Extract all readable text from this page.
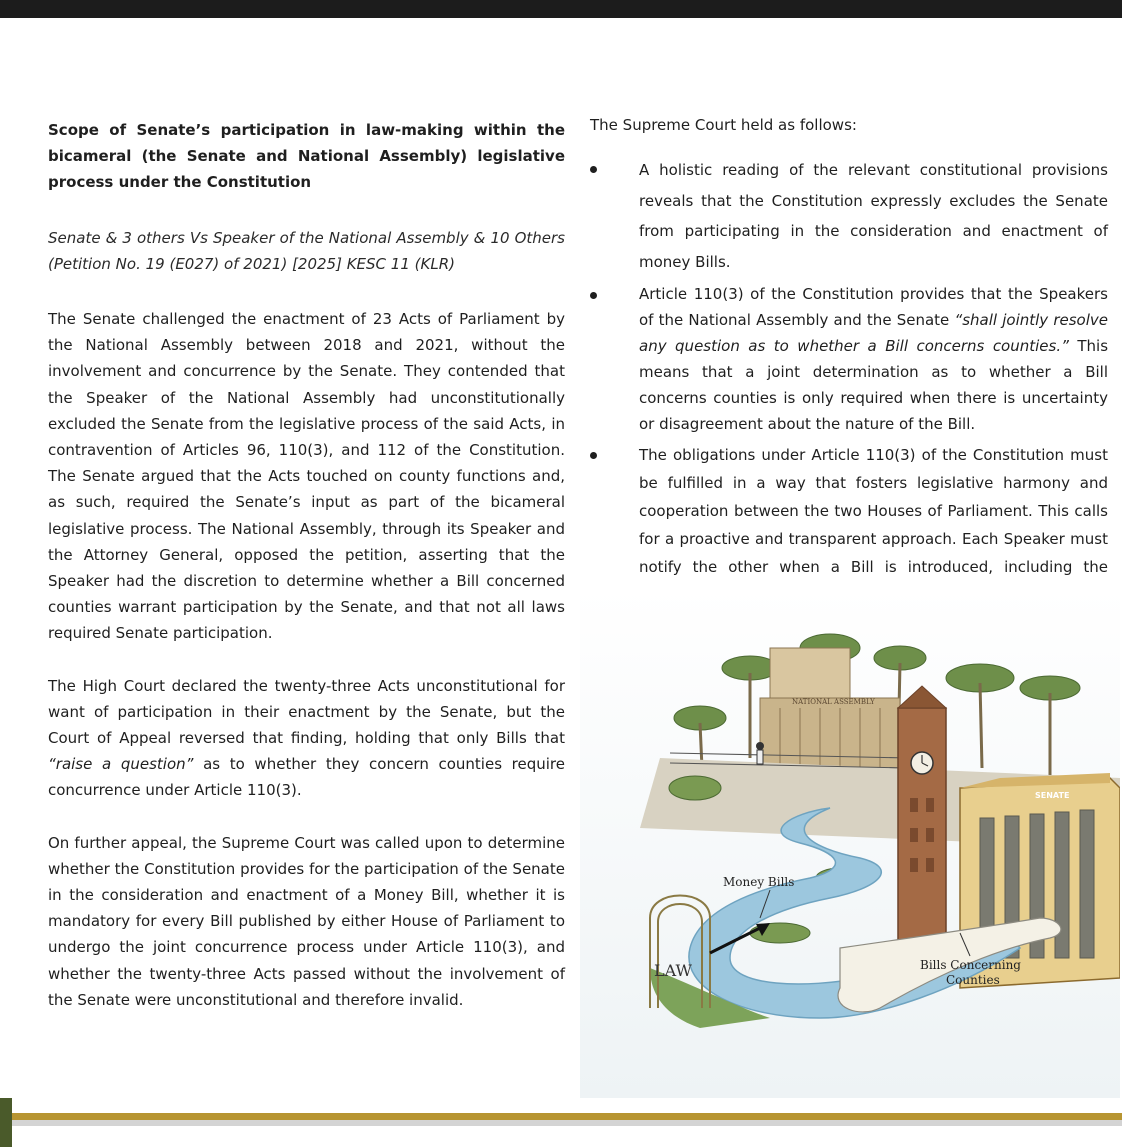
Scope of Senate’s participation in law-making within the bicameral (the Senate and National Assembly) legislative process under the Constitution

Senate & 3 others Vs Speaker of the National Assembly & 10 Others (Petition No. 19 (E027) of 2021) [2025] KESC 11 (KLR)

The Senate challenged the enactment of 23 Acts of Parliament by the National Assembly between 2018 and 2021, without the involvement and concurrence by the Senate. They contended that the Speaker of the National Assembly had unconstitutionally excluded the Senate from the legislative process of the said Acts, in contravention of Articles 96, 110(3), and 112 of the Constitution. The Senate argued that the Acts touched on county functions and, as such, required the Senate’s input as part of the bicameral legislative process. The National Assembly, through its Speaker and the Attorney General, opposed the petition, asserting that the Speaker had the discretion to determine whether a Bill concerned counties warrant participation by the Senate, and that not all laws required Senate participation.

The High Court declared the twenty-three Acts unconstitutional for want of participation in their enactment by the Senate, but the Court of Appeal reversed that finding, holding that only Bills that “raise a question” as to whether they concern counties require concurrence under Article 110(3).

On further appeal, the Supreme Court was called upon to determine whether the Constitution provides for the participation of the Senate in the consideration and enactment of a Money Bill, whether it is mandatory for every Bill published by either House of Parliament to undergo the joint concurrence process under Article 110(3), and whether the twenty-three Acts passed without the involvement of the Senate were unconstitutional and therefore invalid.

The Supreme Court held as follows:

A holistic reading of the relevant constitutional provisions reveals that the Constitution expressly excludes the Senate from participating in the consideration and enactment of money Bills.
Article 110(3) of the Constitution provides that the Speakers of the National Assembly and the Senate “shall jointly resolve any question as to whether a Bill concerns counties.” This means that a joint determination as to whether a Bill concerns counties is only required when there is uncertainty or disagreement about the nature of the Bill.
The obligations under Article 110(3) of the Constitution must be fulfilled in a way that fosters legislative harmony and cooperation between the two Houses of Parliament. This calls for a proactive and transparent approach. Each Speaker must notify the other when a Bill is introduced, including the
NATIONAL ASSEMBLY
SENATE
LAW
Money Bills
Bills Concerning
Counties
